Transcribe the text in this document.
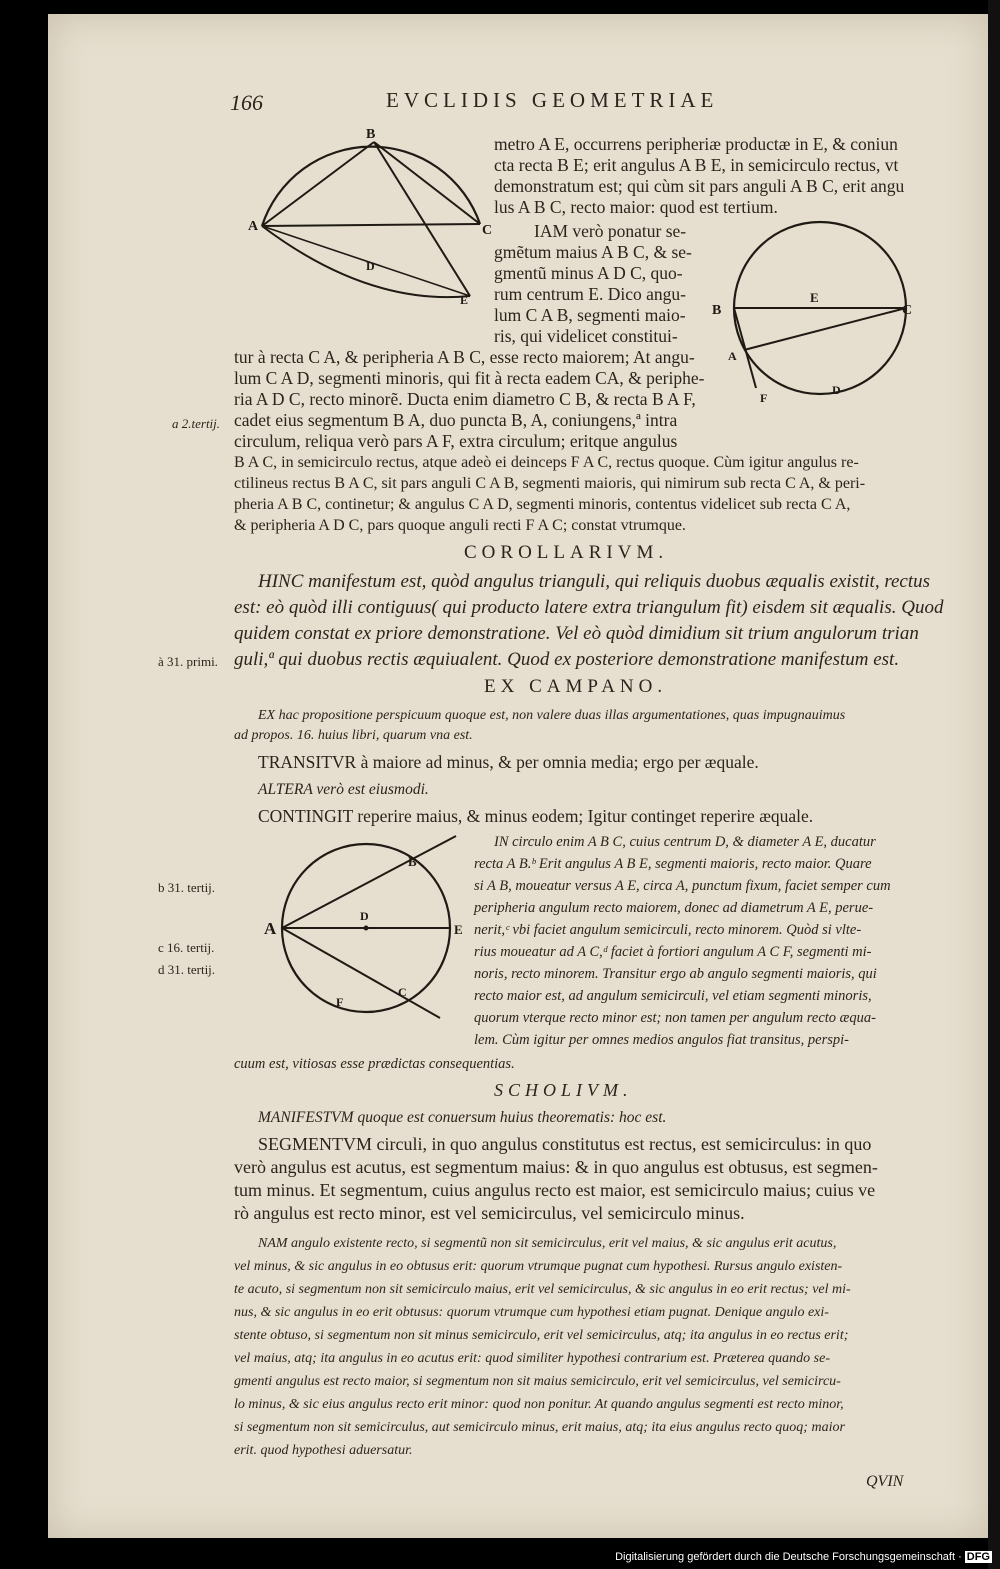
166	EVCLIDIS GEOMETRIAE
B
A	C
D
E
metro A E, occurrens peripheriæ productæ in E, & coniun
cta recta B E; erit angulus A B E, in semicirculo rectus, vt
demonstratum est; qui cùm sit pars anguli A B C, erit angu
lus A B C, recto maior: quod est tertium.
B
E
C
A
F
D
IAM verò ponatur se-
gmẽtum maius A B C, & se-
gmentũ minus A D C, quo-
rum centrum E. Dico angu-
lum C A B, segmenti maio-
ris, qui videlicet constitui-
tur à recta C A, & peripheria A B C, esse recto maiorem; At angu-
lum C A D, segmenti minoris, qui fit à recta eadem CA, & periphe-
ria A D C, recto minorẽ. Ducta enim diametro C B, & recta B A F,
cadet eius segmentum B A, duo puncta B, A, coniungens,ª intra
circulum, reliqua verò pars A F, extra circulum; eritque angulus
a 2.tertij.
B A C, in semicirculo rectus, atque adeò ei deinceps F A C, rectus quoque. Cùm igitur angulus re-
ctilineus rectus B A C, sit pars anguli C A B, segmenti maioris, qui nimirum sub recta C A, & peri-
pheria A B C, continetur; & angulus C A D, segmenti minoris, contentus videlicet sub recta C A,
& peripheria A D C, pars quoque anguli recti F A C; constat vtrumque.
COROLLARIVM.
HINC manifestum est, quòd angulus trianguli, qui reliquis duobus æqualis existit, rectus
est: eò quòd illi contiguus( qui producto latere extra triangulum fit) eisdem sit æqualis. Quod
quidem constat ex priore demonstratione. Vel eò quòd dimidium sit trium angulorum trian
guli,ª qui duobus rectis æquiualent. Quod ex posteriore demonstratione manifestum est.
à 31. primi.
EX CAMPANO.
EX hac propositione perspicuum quoque est, non valere duas illas argumentationes, quas impugnauimus
ad propos. 16. huius libri, quarum vna est.
TRANSITVR à maiore ad minus, & per omnia media; ergo per æquale.
ALTERA verò est eiusmodi.
CONTINGIT reperire maius, & minus eodem; Igitur continget reperire æquale.
A
B
D
E
F
C
IN circulo enim A B C, cuius centrum D, & diameter A E, ducatur
recta A B.ᵇ Erit angulus A B E, segmenti maioris, recto maior. Quare
si A B, moueatur versus A E, circa A, punctum fixum, faciet semper cum
peripheria angulum recto maiorem, donec ad diametrum A E, perue-
nerit,ᶜ vbi faciet angulum semicirculi, recto minorem. Quòd si vlte-
rius moueatur ad A C,ᵈ faciet à fortiori angulum A C F, segmenti mi-
noris, recto minorem. Transitur ergo ab angulo segmenti maioris, qui
recto maior est, ad angulum semicirculi, vel etiam segmenti minoris,
quorum vterque recto minor est; non tamen per angulum recto æqua-
lem. Cùm igitur per omnes medios angulos fiat transitus, perspi-
cuum est, vitiosas esse prædictas consequentias.
b 31. tertij.
c 16. tertij.
d 31. tertij.
SCHOLIVM.
MANIFESTVM quoque est conuersum huius theorematis: hoc est.
SEGMENTVM circuli, in quo angulus constitutus est rectus, est semicirculus: in quo
verò angulus est acutus, est segmentum maius: & in quo angulus est obtusus, est segmen-
tum minus. Et segmentum, cuius angulus recto est maior, est semicirculo maius; cuius ve
rò angulus est recto minor, est vel semicirculus, vel semicirculo minus.
NAM angulo existente recto, si segmentũ non sit semicirculus, erit vel maius, & sic angulus erit acutus,
vel minus, & sic angulus in eo obtusus erit: quorum vtrumque pugnat cum hypothesi. Rursus angulo existen-
te acuto, si segmentum non sit semicirculo maius, erit vel semicirculus, & sic angulus in eo erit rectus; vel mi-
nus, & sic angulus in eo erit obtusus: quorum vtrumque cum hypothesi etiam pugnat. Denique angulo exi-
stente obtuso, si segmentum non sit minus semicirculo, erit vel semicirculus, atq; ita angulus in eo rectus erit;
vel maius, atq; ita angulus in eo acutus erit: quod similiter hypothesi contrarium est. Præterea quando se-
gmenti angulus est recto maior, si segmentum non sit maius semicirculo, erit vel semicirculus, vel semicircu-
lo minus, & sic eius angulus recto erit minor: quod non ponitur. At quando angulus segmenti est recto minor,
si segmentum non sit semicirculus, aut semicirculo minus, erit maius, atq; ita eius angulus recto quoq; maior
erit. quod hypothesi aduersatur.
QVIN
Digitalisierung gefördert durch die Deutsche Forschungsgemeinschaft · DFG
